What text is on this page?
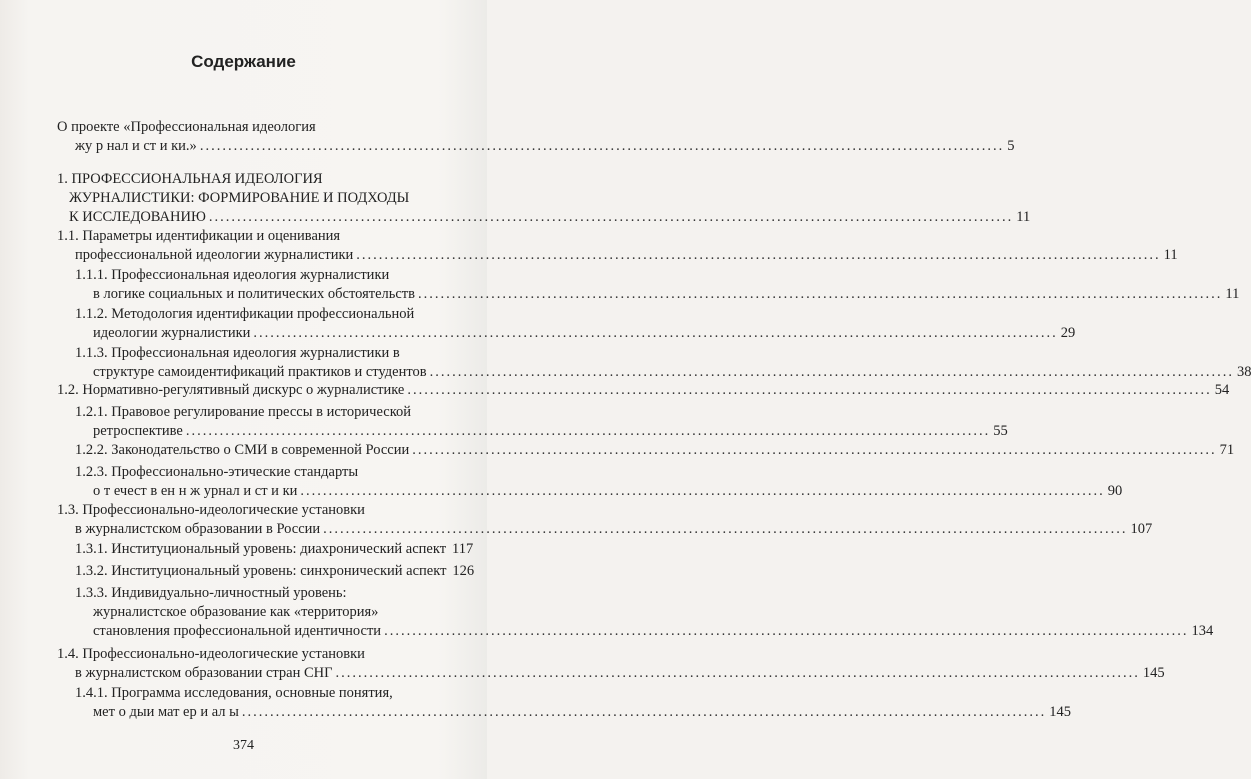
Содержание
О проекте «Профессиональная идеология
жу р нал и ст и ки.» ............................................................................................................................................... 5
1. ПРОФЕССИОНАЛЬНАЯ ИДЕОЛОГИЯ
ЖУРНАЛИСТИКИ: ФОРМИРОВАНИЕ И ПОДХОДЫ
К ИССЛЕДОВАНИЮ ............................................................................................................................................... 11
1.1. Параметры идентификации и оценивания
профессиональной идеологии журналистики ............................................................................................................................................... 11
1.1.1. Профессиональная идеология журналистики
в логике социальных и политических обстоятельств ............................................................................................................................................... 11
1.1.2. Методология идентификации профессиональной
идеологии журналистики ............................................................................................................................................... 29
1.1.3. Профессиональная идеология журналистики в
структуре самоидентификаций практиков и студентов ............................................................................................................................................... 38
1.2. Нормативно-регулятивный дискурс о журналистике ............................................................................................................................................... 54
1.2.1. Правовое регулирование прессы в исторической
ретроспективе ............................................................................................................................................... 55
1.2.2. Законодательство о СМИ в современной России ............................................................................................................................................... 71
1.2.3. Профессионально-этические стандарты
о т ечест в ен н ж урнал и ст и ки ............................................................................................................................................... 90
1.3. Профессионально-идеологические установки
в журналистском образовании в России ............................................................................................................................................... 107
1.3.1. Институциональный уровень: диахронический аспект 117
1.3.2. Институциональный уровень: синхронический аспект 126
1.3.3. Индивидуально-личностный уровень:
журналистское образование как «территория»
становления профессиональной идентичности ............................................................................................................................................... 134
1.4. Профессионально-идеологические установки
в журналистском образовании стран СНГ ............................................................................................................................................... 145
1.4.1. Программа исследования, основные понятия,
мет о дыи мат ер и ал ы ............................................................................................................................................... 145
374
